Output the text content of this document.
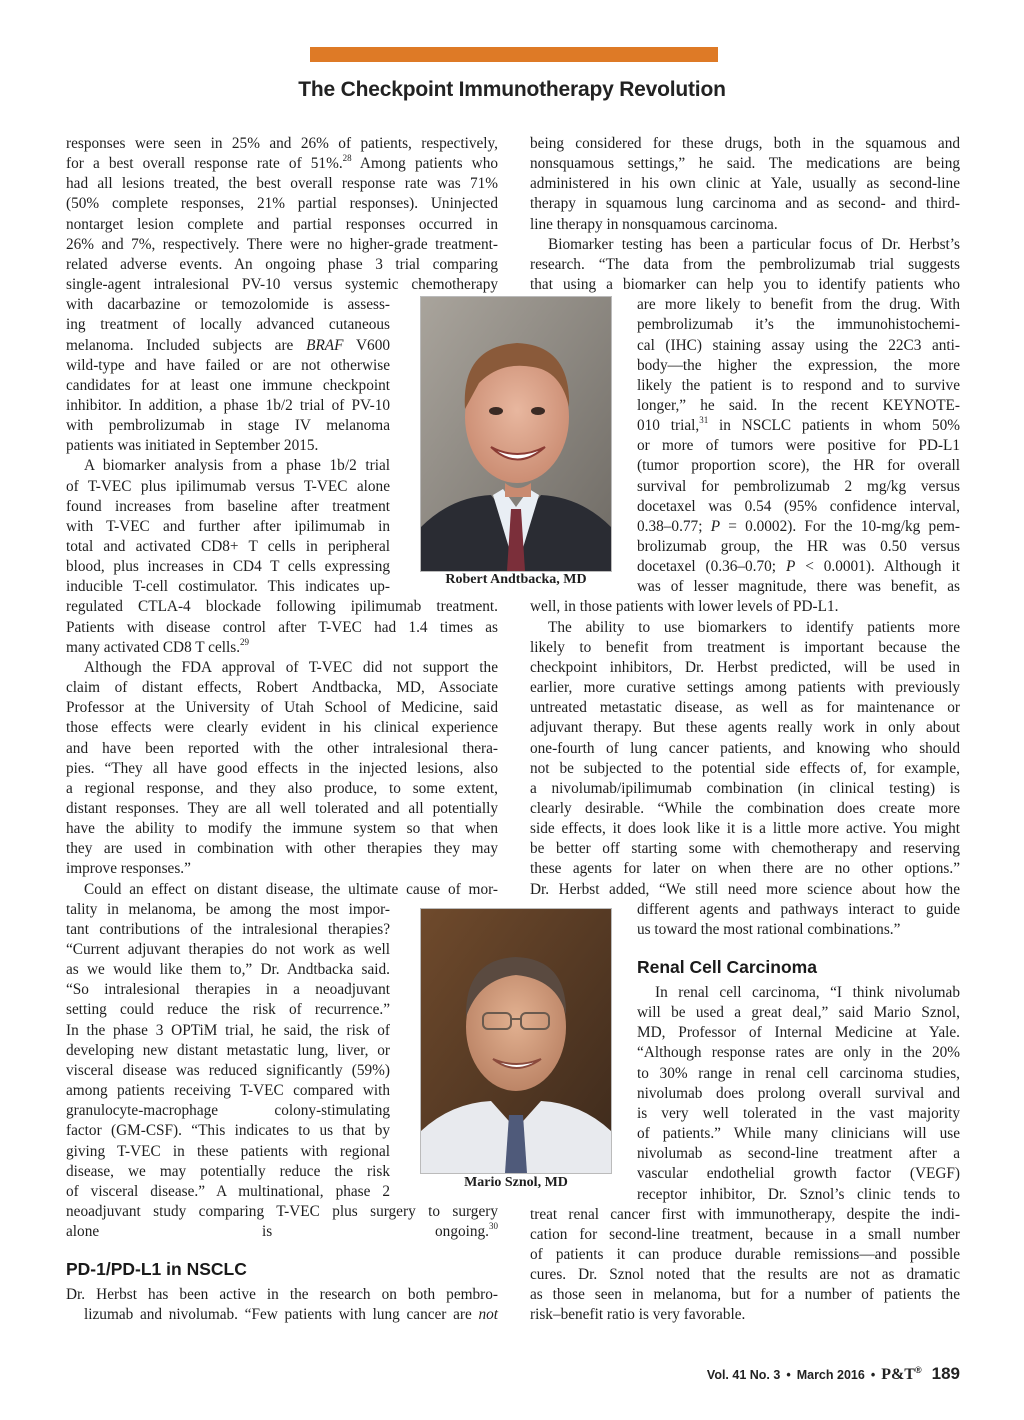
The Checkpoint Immunotherapy Revolution
Robert Andtbacka, MD
Mario Sznol, MD
responses were seen in 25% and 26% of patients, respectively,
for a best overall response rate of 51%.$^{28}$ Among patients who
had all lesions treated, the best overall response rate was 71%
(50% complete responses, 21% partial responses). Uninjected
nontarget lesion complete and partial responses occurred in
26% and 7%, respectively. There were no higher-grade treatment-
related adverse events. An ongoing phase 3 trial comparing
single-agent intralesional PV-10 versus systemic chemotherapy
with dacarbazine or temozolomide is assess-
ing treatment of locally advanced cutaneous
melanoma. Included subjects are BRAF V600
wild-type and have failed or are not otherwise
candidates for at least one immune checkpoint
inhibitor. In addition, a phase 1b/2 trial of PV-10
with pembrolizumab in stage IV melanoma
patients was initiated in September 2015.
A biomarker analysis from a phase 1b/2 trial
of T-VEC plus ipilimumab versus T-VEC alone
found increases from baseline after treatment
with T-VEC and further after ipilimumab in
total and activated CD8+ T cells in peripheral
blood, plus increases in CD4 T cells expressing
inducible T-cell costimulator. This indicates up-
regulated CTLA-4 blockade following ipilimumab treatment.
Patients with disease control after T-VEC had 1.4 times as
many activated CD8 T cells.$^{29}$
Although the FDA approval of T-VEC did not support the
claim of distant effects, Robert Andtbacka, MD, Associate
Professor at the University of Utah School of Medicine, said
those effects were clearly evident in his clinical experience
and have been reported with the other intralesional thera-
pies. “They all have good effects in the injected lesions, also
a regional response, and they also produce, to some extent,
distant responses. They are all well tolerated and all potentially
have the ability to modify the immune system so that when
they are used in combination with other therapies they may
improve responses.”
Could an effect on distant disease, the ultimate cause of mor-
tality in melanoma, be among the most impor-
tant contributions of the intralesional therapies?
“Current adjuvant therapies do not work as well
as we would like them to,” Dr. Andtbacka said.
“So intralesional therapies in a neoadjuvant
setting could reduce the risk of recurrence.”
In the phase 3 OPTiM trial, he said, the risk of
developing new distant metastatic lung, liver, or
visceral disease was reduced significantly (59%)
among patients receiving T-VEC compared with
granulocyte-macrophage colony-stimulating
factor (GM-CSF). “This indicates to us that by
giving T-VEC in these patients with regional
disease, we may potentially reduce the risk
of visceral disease.” A multinational, phase 2
neoadjuvant study comparing T-VEC plus surgery to surgery
alone is ongoing.$^{30}$
PD-1/PD-L1 in NSCLC
Dr. Herbst has been active in the research on both pembro-
lizumab and nivolumab. “Few patients with lung cancer are not
being considered for these drugs, both in the squamous and
nonsquamous settings,” he said. The medications are being
administered in his own clinic at Yale, usually as second-line
therapy in squamous lung carcinoma and as second- and third-
line therapy in nonsquamous carcinoma.
Biomarker testing has been a particular focus of Dr. Herbst’s
research. “The data from the pembrolizumab trial suggests
that using a biomarker can help you to identify patients who
are more likely to benefit from the drug. With
pembrolizumab it’s the immunohistochemi-
cal (IHC) staining assay using the 22C3 anti-
body—the higher the expression, the more
likely the patient is to respond and to survive
longer,” he said. In the recent KEYNOTE-
010 trial,$^{31}$ in NSCLC patients in whom 50%
or more of tumors were positive for PD-L1
(tumor proportion score), the HR for overall
survival for pembrolizumab 2 mg/kg versus
docetaxel was 0.54 (95% confidence interval,
0.38–0.77; P = 0.0002). For the 10-mg/kg pem-
brolizumab group, the HR was 0.50 versus
docetaxel (0.36–0.70; P < 0.0001). Although it
was of lesser magnitude, there was benefit, as
well, in those patients with lower levels of PD-L1.
The ability to use biomarkers to identify patients more
likely to benefit from treatment is important because the
checkpoint inhibitors, Dr. Herbst predicted, will be used in
earlier, more curative settings among patients with previously
untreated metastatic disease, as well as for maintenance or
adjuvant therapy. But these agents really work in only about
one-fourth of lung cancer patients, and knowing who should
not be subjected to the potential side effects of, for example,
a nivolumab/ipilimumab combination (in clinical testing) is
clearly desirable. “While the combination does create more
side effects, it does look like it is a little more active. You might
be better off starting some with chemotherapy and reserving
these agents for later on when there are no other options.”
Dr. Herbst added, “We still need more science about how the
different agents and pathways interact to guide
us toward the most rational combinations.”
Renal Cell Carcinoma
In renal cell carcinoma, “I think nivolumab
will be used a great deal,” said Mario Sznol,
MD, Professor of Internal Medicine at Yale.
“Although response rates are only in the 20%
to 30% range in renal cell carcinoma studies,
nivolumab does prolong overall survival and
is very well tolerated in the vast majority
of patients.” While many clinicians will use
nivolumab as second-line treatment after a
vascular endothelial growth factor (VEGF)
receptor inhibitor, Dr. Sznol’s clinic tends to
treat renal cancer first with immunotherapy, despite the indi-
cation for second-line treatment, because in a small number
of patients it can produce durable remissions—and possible
cures. Dr. Sznol noted that the results are not as dramatic
as those seen in melanoma, but for a number of patients the
risk–benefit ratio is very favorable.
Vol. 41 No. 3 • March 2016 • P&T® 189
